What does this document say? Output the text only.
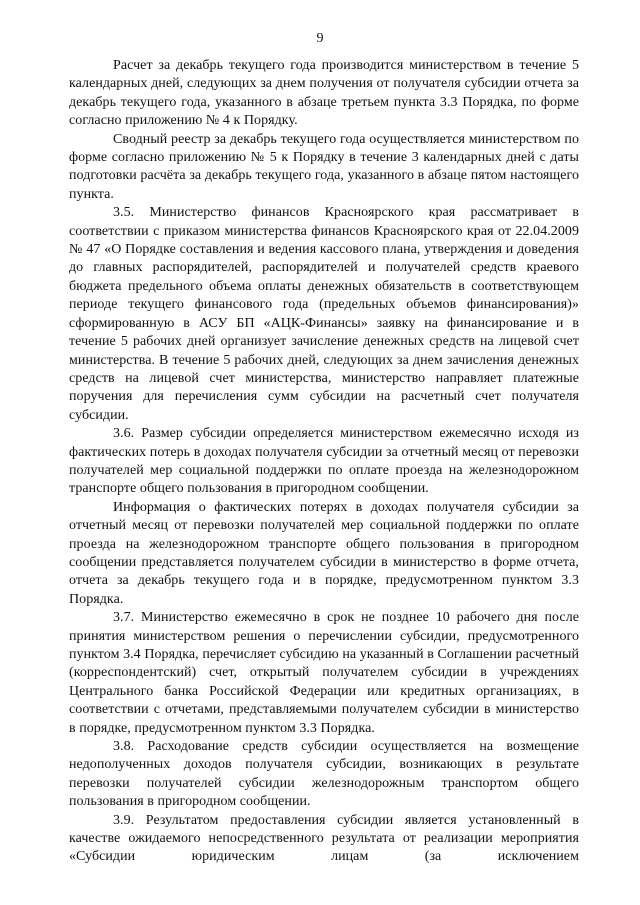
9

Расчет за декабрь текущего года производится министерством в течение 5 календарных дней, следующих за днем получения от получателя субсидии отчета за декабрь текущего года, указанного в абзаце третьем пункта 3.3 Порядка, по форме согласно приложению № 4 к Порядку.

Сводный реестр за декабрь текущего года осуществляется министерством по форме согласно приложению № 5 к Порядку в течение 3 календарных дней с даты подготовки расчёта за декабрь текущего года, указанного в абзаце пятом настоящего пункта.

3.5. Министерство финансов Красноярского края рассматривает в соответствии с приказом министерства финансов Красноярского края от 22.04.2009 № 47 «О Порядке составления и ведения кассового плана, утверждения и доведения до главных распорядителей, распорядителей и получателей средств краевого бюджета предельного объема оплаты денежных обязательств в соответствующем периоде текущего финансового года (предельных объемов финансирования)» сформированную в АСУ БП «АЦК-Финансы» заявку на финансирование и в течение 5 рабочих дней организует зачисление денежных средств на лицевой счет министерства. В течение 5 рабочих дней, следующих за днем зачисления денежных средств на лицевой счет министерства, министерство направляет платежные поручения для перечисления сумм субсидии на расчетный счет получателя субсидии.

3.6. Размер субсидии определяется министерством ежемесячно исходя из фактических потерь в доходах получателя субсидии за отчетный месяц от перевозки получателей мер социальной поддержки по оплате проезда на железнодорожном транспорте общего пользования в пригородном сообщении.

Информация о фактических потерях в доходах получателя субсидии за отчетный месяц от перевозки получателей мер социальной поддержки по оплате проезда на железнодорожном транспорте общего пользования в пригородном сообщении представляется получателем субсидии в министерство в форме отчета, отчета за декабрь текущего года и в порядке, предусмотренном пунктом 3.3 Порядка.

3.7. Министерство ежемесячно в срок не позднее 10 рабочего дня после принятия министерством решения о перечислении субсидии, предусмотренного пунктом 3.4 Порядка, перечисляет субсидию на указанный в Соглашении расчетный (корреспондентский) счет, открытый получателем субсидии в учреждениях Центрального банка Российской Федерации или кредитных организациях, в соответствии с отчетами, представляемыми получателем субсидии в министерство в порядке, предусмотренном пунктом 3.3 Порядка.

3.8. Расходование средств субсидии осуществляется на возмещение недополученных доходов получателя субсидии, возникающих в результате перевозки получателей субсидии железнодорожным транспортом общего пользования в пригородном сообщении.

3.9. Результатом предоставления субсидии является установленный в качестве ожидаемого непосредственного результата от реализации мероприятия «Субсидии юридическим лицам (за исключением
